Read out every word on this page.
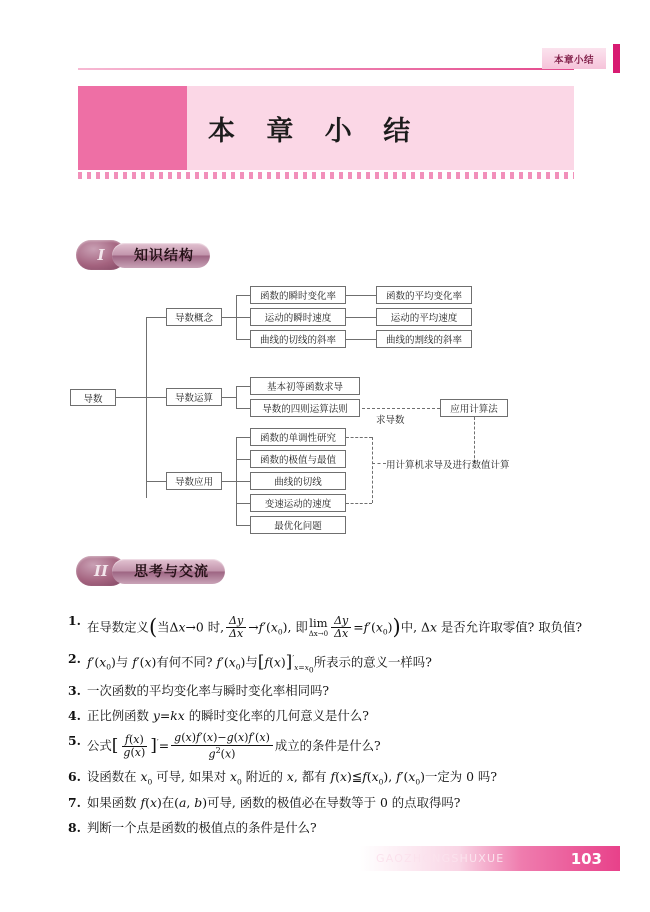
本章小结
本 章 小 结
I	知识结构
导数
导数概念
导数运算
导数应用
函数的瞬时变化率
运动的瞬时速度
曲线的切线的斜率
函数的平均变化率
运动的平均速度
曲线的割线的斜率
基本初等函数求导
导数的四则运算法则
求导数
应用计算法
函数的单调性研究
函数的极值与最值
曲线的切线
变速运动的速度
最优化问题
用计算机求导及进行数值计算
II	思考与交流
1. 在导数定义(当Δx→0 时, $\frac{\Delta y}{\Delta x} \to f'(x_0)$, 即 lim
$\Delta x\to 0 \frac{\Delta y}{\Delta x} =f'(x_0)$)中, Δx 是否允许取零值? 取负值?
2. $f'(x_0)$与 f′(x)有何不同? $f'(x_0)$与$[f(x)]'_{x=x_0}$所表示的意义一样吗?
3. 一次函数的平均变化率与瞬时变化率相同吗?
4. 正比例函数 y=kx 的瞬时变化率的几何意义是什么?
5. 公式[ $\frac{f(x)}{g(x)} ]'= \frac{g(x)f'(x)-g(x)f'(x)}{g^2(x)}$ 成立的条件是什么?
6. 设函数在 $x_0$ 可导, 如果对 $x_0$ 附近的 x, 都有 $f(x)≦f(x_0)$, $f'(x_0)$一定为 0 吗?
7. 如果函数 f(x)在(a, b)可导, 函数的极值必在导数等于 0 的点取得吗?
8. 判断一个点是函数的极值点的条件是什么?
GAOZHONGSHUXUE	103
